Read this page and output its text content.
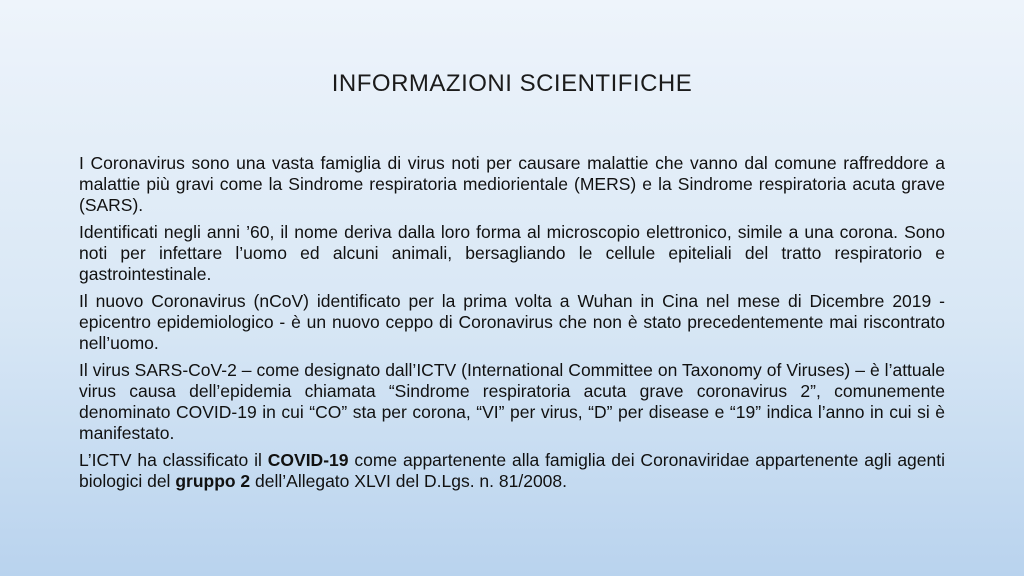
INFORMAZIONI SCIENTIFICHE

I Coronavirus sono una vasta famiglia di virus noti per causare malattie che vanno dal comune raffreddore a malattie più gravi come la Sindrome respiratoria mediorientale (MERS) e la Sindrome respiratoria acuta grave (SARS).

Identificati negli anni ’60, il nome deriva dalla loro forma al microscopio elettronico, simile a una corona. Sono noti per infettare l’uomo ed alcuni animali, bersagliando le cellule epiteliali del tratto respiratorio e gastrointestinale.

Il nuovo Coronavirus (nCoV) identificato per la prima volta a Wuhan in Cina nel mese di Dicembre 2019 - epicentro epidemiologico - è un nuovo ceppo di Coronavirus che non è stato precedentemente mai riscontrato nell’uomo.

Il virus SARS-CoV-2 – come designato dall’ICTV (International Committee on Taxonomy of Viruses) – è l’attuale virus causa dell’epidemia chiamata “Sindrome respiratoria acuta grave coronavirus 2”, comunemente denominato COVID-19 in cui “CO” sta per corona, “VI” per virus, “D” per disease e “19” indica l’anno in cui si è manifestato.

L’ICTV ha classificato il COVID-19 come appartenente alla famiglia dei Coronaviridae appartenente agli agenti biologici del gruppo 2 dell’Allegato XLVI del D.Lgs. n. 81/2008.
